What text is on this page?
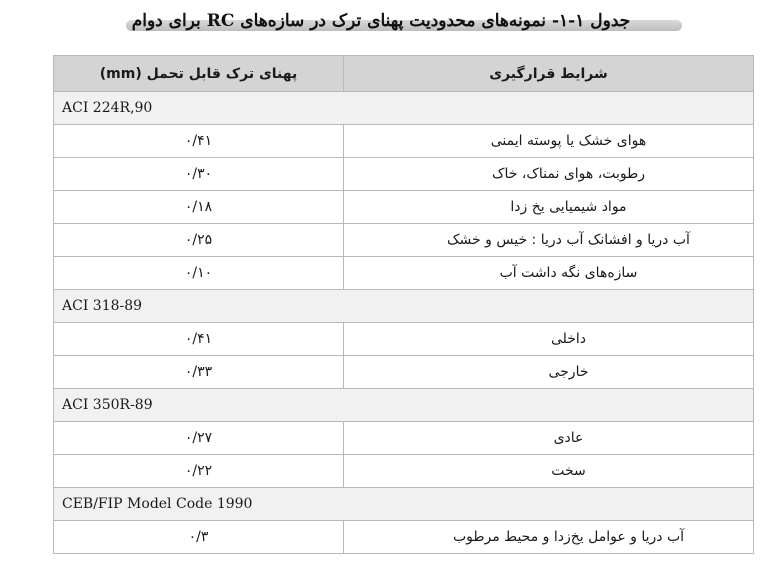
جدول ۱-۱- نمونه‌های محدودیت پهنای ترک در سازه‌های RC برای دوام
پهنای ترک قابل تحمل (mm)	شرایط قرارگیری
ACI 224R,90	
۰/۴۱	هوای خشک یا پوسته ایمنی
۰/۳۰	رطوبت، هوای نمناک، خاک
۰/۱۸	مواد شیمیایی یخ زدا
۰/۲۵	آب دریا و افشانک آب دریا : خیس و خشک
۰/۱۰	سازه‌های نگه داشت آب
ACI 318-89	
۰/۴۱	داخلی
۰/۳۳	خارجی
ACI 350R-89	
۰/۲۷	عادی
۰/۲۲	سخت
CEB/FIP Model Code 1990	
۰/۳	آب دریا و عوامل یخ‌زدا و محیط مرطوب
